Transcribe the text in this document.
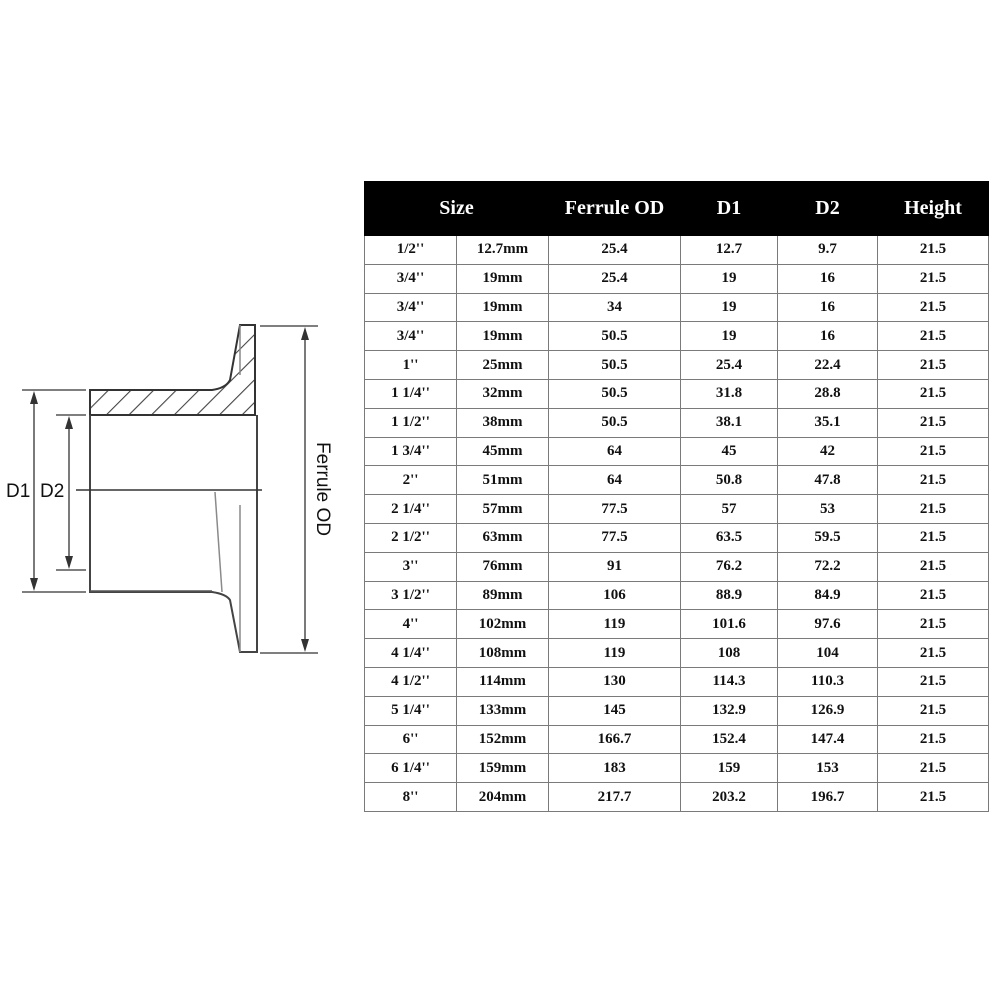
D1 D2	Ferrule OD
Size		Ferrule OD	D1	D2	Height
1/2''	12.7mm	25.4	12.7	9.7	21.5
3/4''	19mm	25.4	19	16	21.5
3/4''	19mm	34	19	16	21.5
3/4''	19mm	50.5	19	16	21.5
1''	25mm	50.5	25.4	22.4	21.5
1 1/4''	32mm	50.5	31.8	28.8	21.5
1 1/2''	38mm	50.5	38.1	35.1	21.5
1 3/4''	45mm	64	45	42	21.5
2''	51mm	64	50.8	47.8	21.5
2 1/4''	57mm	77.5	57	53	21.5
2 1/2''	63mm	77.5	63.5	59.5	21.5
3''	76mm	91	76.2	72.2	21.5
3 1/2''	89mm	106	88.9	84.9	21.5
4''	102mm	119	101.6	97.6	21.5
4 1/4''	108mm	119	108	104	21.5
4 1/2''	114mm	130	114.3	110.3	21.5
5 1/4''	133mm	145	132.9	126.9	21.5
6''	152mm	166.7	152.4	147.4	21.5
6 1/4''	159mm	183	159	153	21.5
8''	204mm	217.7	203.2	196.7	21.5
